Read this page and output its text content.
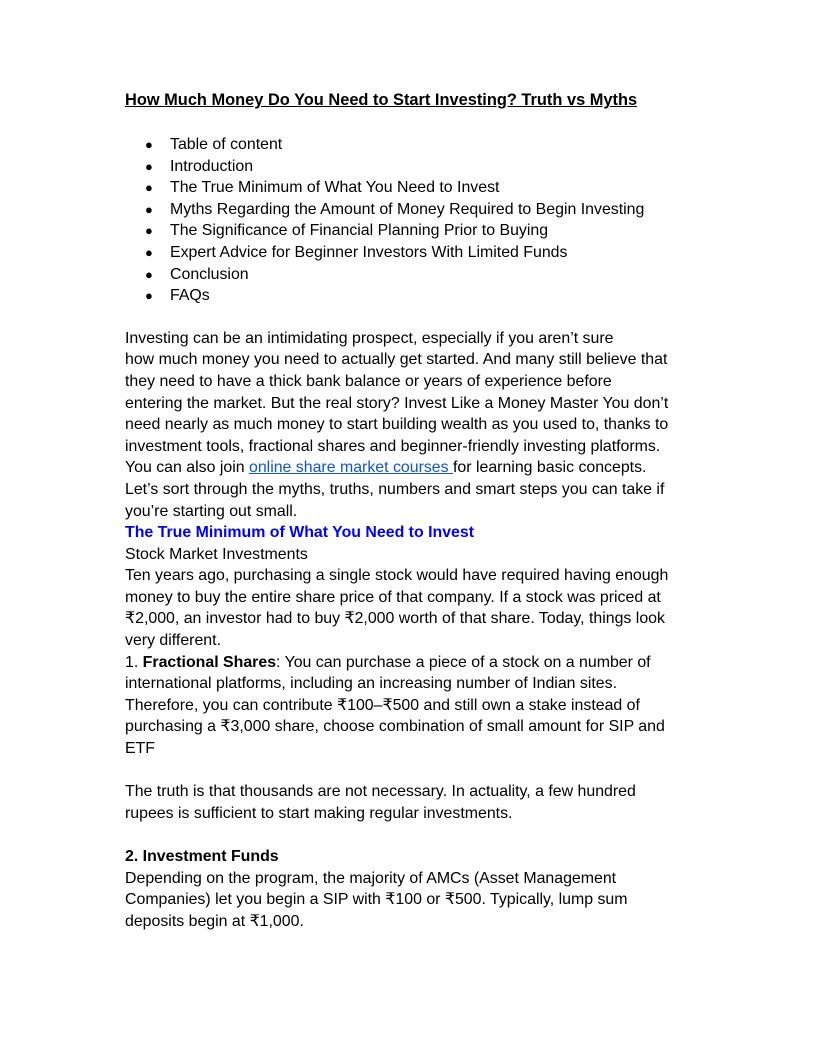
How Much Money Do You Need to Start Investing? Truth vs Myths
● Table of content
● Introduction
● The True Minimum of What You Need to Invest
● Myths Regarding the Amount of Money Required to Begin Investing
● The Significance of Financial Planning Prior to Buying
● Expert Advice for Beginner Investors With Limited Funds
● Conclusion
● FAQs

Investing can be an intimidating prospect, especially if you aren’t sure
how much money you need to actually get started. And many still believe that
they need to have a thick bank balance or years of experience before
entering the market. But the real story? Invest Like a Money Master You don’t
need nearly as much money to start building wealth as you used to, thanks to
investment tools, fractional shares and beginner-friendly investing platforms.
You can also join online share market courses for learning basic concepts.
Let’s sort through the myths, truths, numbers and smart steps you can take if
you’re starting out small.

The True Minimum of What You Need to Invest
Stock Market Investments

Ten years ago, purchasing a single stock would have required having enough
money to buy the entire share price of that company. If a stock was priced at
₹2,000, an investor had to buy ₹2,000 worth of that share. Today, things look
very different.

1. Fractional Shares: You can purchase a piece of a stock on a number of
international platforms, including an increasing number of Indian sites.
Therefore, you can contribute ₹100–₹500 and still own a stake instead of
purchasing a ₹3,000 share, choose combination of small amount for SIP and
ETF

The truth is that thousands are not necessary. In actuality, a few hundred
rupees is sufficient to start making regular investments.

2. Investment Funds

Depending on the program, the majority of AMCs (Asset Management
Companies) let you begin a SIP with ₹100 or ₹500. Typically, lump sum
deposits begin at ₹1,000.
